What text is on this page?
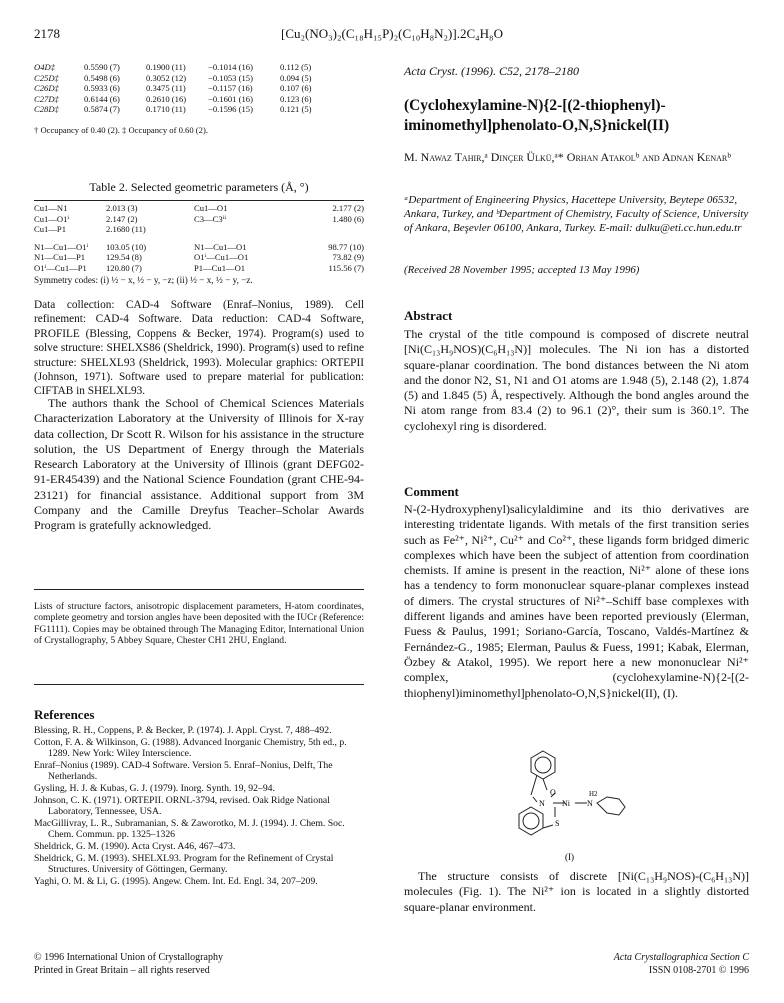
2178	[Cu₂(NO₃)₂(C₁₈H₁₅P)₂(C₁₀H₈N₂)].2C₄H₈O
O4D‡	0.5590 (7)	0.1900 (11)	−0.1014 (16)	0.112 (5)
C25D‡	0.5498 (6)	0.3052 (12)	−0.1053 (15)	0.094 (5)
C26D‡	0.5933 (6)	0.3475 (11)	−0.1157 (16)	0.107 (6)
C27D‡	0.6144 (6)	0.2610 (16)	−0.1601 (16)	0.123 (6)
C28D‡	0.5874 (7)	0.1710 (11)	−0.1596 (15)	0.121 (5)
† Occupancy of 0.40 (2). ‡ Occupancy of 0.60 (2).
Table 2. Selected geometric parameters (Å, °)
Cu1—N1	2.013 (3)	Cu1—O1	2.177 (2)
Cu1—O1ⁱ	2.147 (2)	C3—C3ⁱⁱ	1.480 (6)
Cu1—P1	2.1680 (11)		
N1—Cu1—O1ⁱ	103.05 (10)	N1—Cu1—O1	98.77 (10)
N1—Cu1—P1	129.54 (8)	O1ⁱ—Cu1—O1	73.82 (9)
O1ⁱ—Cu1—P1	120.80 (7)	P1—Cu1—O1	115.56 (7)
Symmetry codes: (i) ½ − x, ½ − y, −z; (ii) ½ − x, ½ − y, −z.

Data collection: CAD-4 Software (Enraf–Nonius, 1989). Cell refinement: CAD-4 Software. Data reduction: CAD-4 Software, PROFILE (Blessing, Coppens & Becker, 1974). Program(s) used to solve structure: SHELXS86 (Sheldrick, 1990). Program(s) used to refine structure: SHELXL93 (Sheldrick, 1993). Molecular graphics: ORTEPII (Johnson, 1971). Software used to prepare material for publication: CIFTAB in SHELXL93.

The authors thank the School of Chemical Sciences Materials Characterization Laboratory at the University of Illinois for X-ray data collection, Dr Scott R. Wilson for his assistance in the structure solution, the US Department of Energy through the Materials Research Laboratory at the University of Illinois (grant DEFG02-91-ER45439) and the National Science Foundation (grant CHE-94-23121) for financial assistance. Additional support from 3M Company and the Camille Dreyfus Teacher–Scholar Awards Program is gratefully acknowledged.

Lists of structure factors, anisotropic displacement parameters, H-atom coordinates, complete geometry and torsion angles have been deposited with the IUCr (Reference: FG1111). Copies may be obtained through The Managing Editor, International Union of Crystallography, 5 Abbey Square, Chester CH1 2HU, England.

References

Blessing, R. H., Coppens, P. & Becker, P. (1974). J. Appl. Cryst. 7, 488–492.

Cotton, F. A. & Wilkinson, G. (1988). Advanced Inorganic Chemistry, 5th ed., p. 1289. New York: Wiley Interscience.

Enraf–Nonius (1989). CAD-4 Software. Version 5. Enraf–Nonius, Delft, The Netherlands.

Gysling, H. J. & Kubas, G. J. (1979). Inorg. Synth. 19, 92–94.

Johnson, C. K. (1971). ORTEPII. ORNL-3794, revised. Oak Ridge National Laboratory, Tennessee, USA.

MacGillivray, L. R., Subramanian, S. & Zaworotko, M. J. (1994). J. Chem. Soc. Chem. Commun. pp. 1325–1326

Sheldrick, G. M. (1990). Acta Cryst. A46, 467–473.

Sheldrick, G. M. (1993). SHELXL93. Program for the Refinement of Crystal Structures. University of Göttingen, Germany.

Yaghi, O. M. & Li, G. (1995). Angew. Chem. Int. Ed. Engl. 34, 207–209.

© 1996 International Union of Crystallography
Printed in Great Britain – all rights reserved
Acta Cryst. (1996). C52, 2178–2180
(Cyclohexylamine-N){2-[(2-thiophenyl)-iminomethyl]phenolato-O,N,S}nickel(II)
M. Nawaz Tahir,ᵃ Dinçer Ülkü,ᵃ* Orhan Atakolᵇ and Adnan Kenarᵇ
ᵃDepartment of Engineering Physics, Hacettepe University, Beytepe 06532, Ankara, Turkey, and ᵇDepartment of Chemistry, Faculty of Science, University of Ankara, Beşevler 06100, Ankara, Turkey. E-mail: dulku@eti.cc.hun.edu.tr
(Received 28 November 1995; accepted 13 May 1996)
Abstract

The crystal of the title compound is composed of discrete neutral [Ni(C₁₃H₉NOS)(C₆H₁₃N)] molecules. The Ni ion has a distorted square-planar coordination. The bond distances between the Ni atom and the donor N2, S1, N1 and O1 atoms are 1.948 (5), 2.148 (2), 1.874 (5) and 1.845 (5) Å, respectively. Although the bond angles around the Ni atom range from 83.4 (2) to 96.1 (2)°, their sum is 360.1°. The cyclohexyl ring is disordered.

Comment

N-(2-Hydroxyphenyl)salicylaldimine and its thio derivatives are interesting tridentate ligands. With metals of the first transition series such as Fe²⁺, Ni²⁺, Cu²⁺ and Co²⁺, these ligands form bridged dimeric complexes which have been the subject of attention from coordination chemists. If amine is present in the reaction, Ni²⁺ alone of these ions has a tendency to form mononuclear square-planar complexes instead of dimers. The crystal structures of Ni²⁺–Schiff base complexes with different ligands and amines have been reported previously (Elerman, Fuess & Paulus, 1991; Soriano-García, Toscano, Valdés-Martínez & Fernández-G., 1985; Elerman, Paulus & Fuess, 1991; Kabak, Elerman, Özbey & Atakol, 1995). We report here a new mononuclear Ni²⁺ complex, (cyclohexylamine-N){2-[(2-thiophenyl)iminomethyl]phenolato-O,N,S}nickel(II), (I).

O
N Ni N
H2
S
(I)

The structure consists of discrete [Ni(C₁₃H₉NOS)-(C₆H₁₃N)] molecules (Fig. 1). The Ni²⁺ ion is located in a slightly distorted square-planar environment.

Acta Crystallographica Section C
ISSN 0108-2701 © 1996
